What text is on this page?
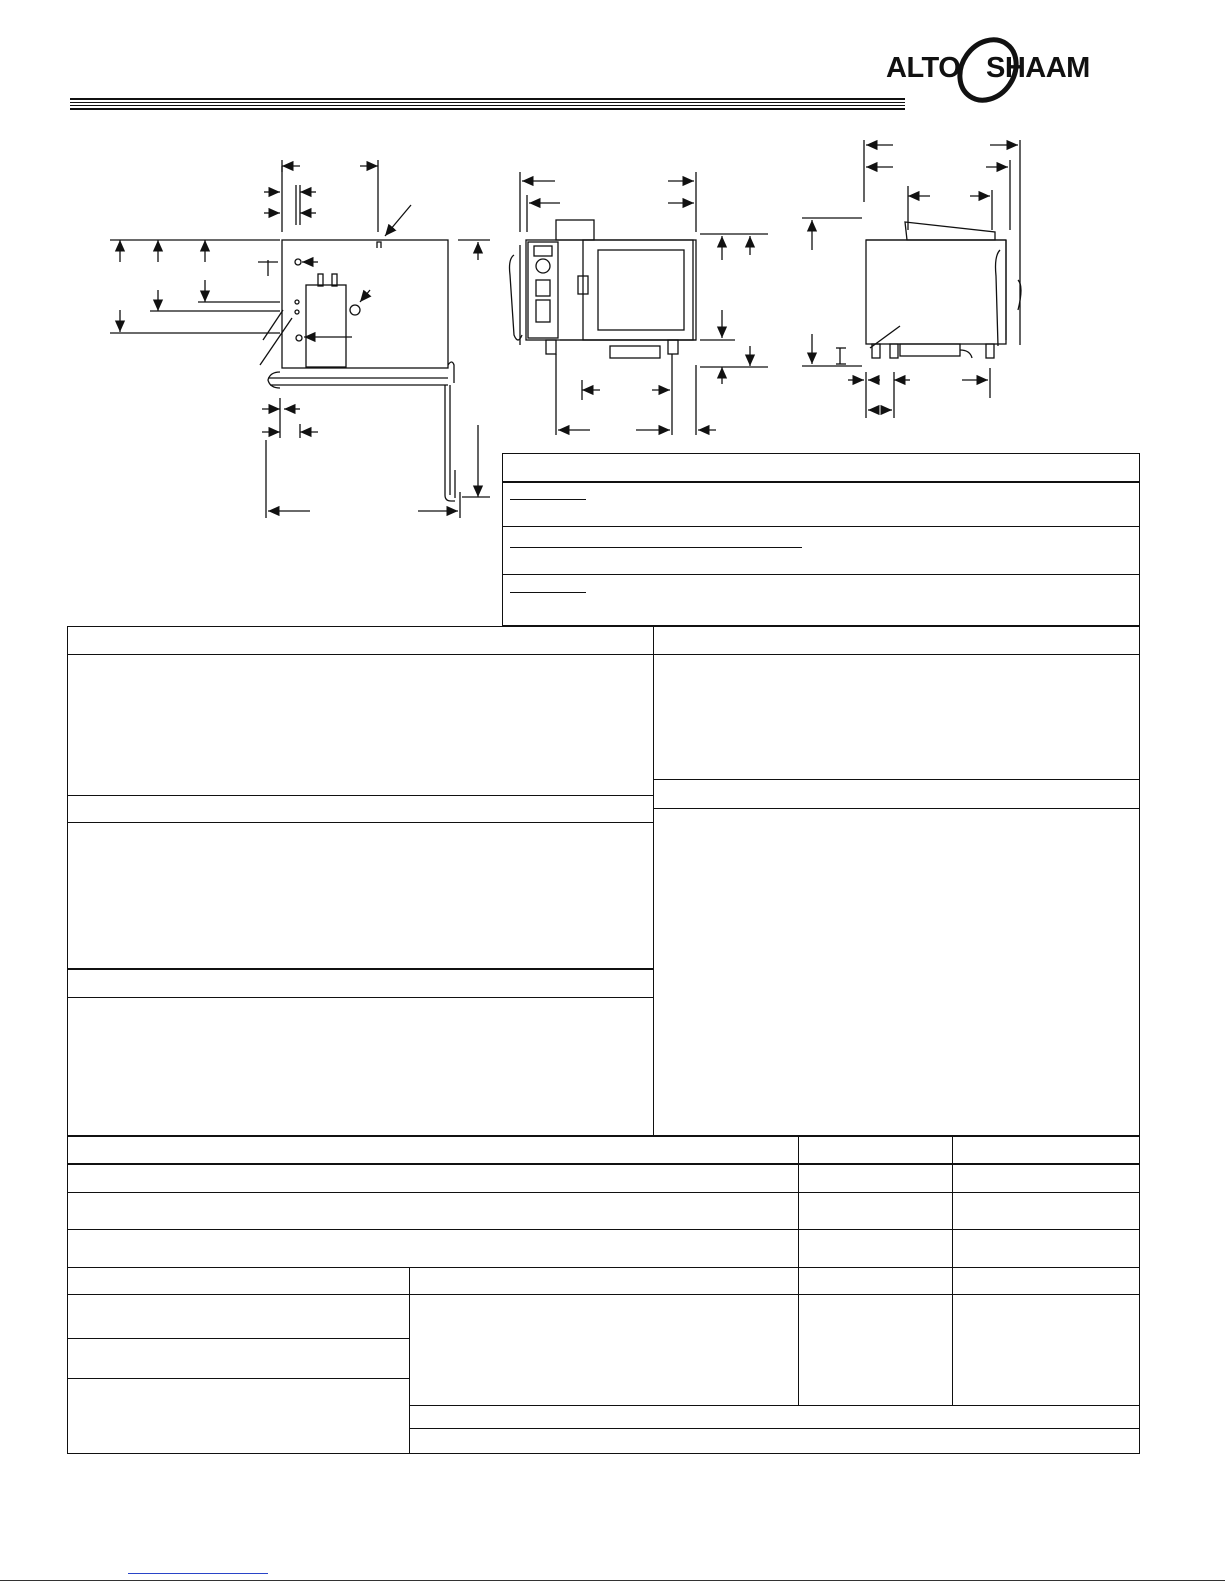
ALTO SHAAM
